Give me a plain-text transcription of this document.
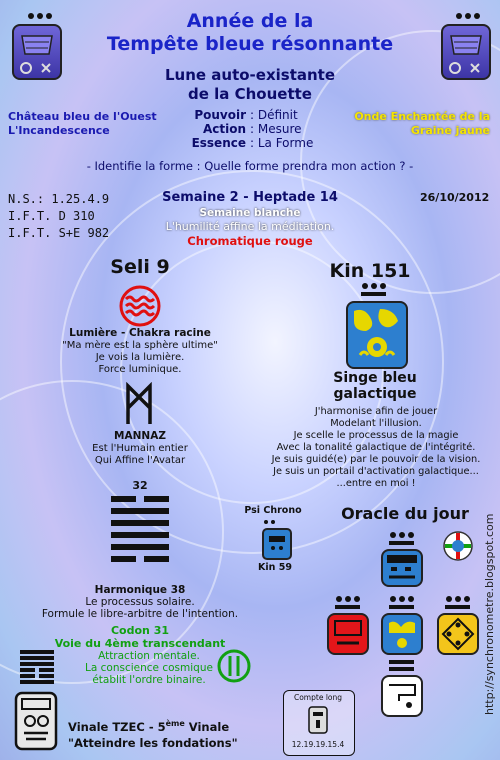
Année de la
Tempête bleue résonnante
Lune auto-existante
de la Chouette
Château bleu de l'Ouest
L'Incandescence
Pouvoir : Définit
Action : Mesure
Essence : La Forme
Onde Enchantée de la
Graine jaune
- Identifie la forme : Quelle forme prendra mon action ? -
N.S.: 1.25.4.9
I.F.T. D 310
I.F.T. S+E 982
Semaine 2 - Heptade 14
Semaine blanche
L'humilité affine la méditation.
Chromatique rouge
26/10/2012
Seli 9
Lumière - Chakra racine
"Ma mère est la sphère ultime"
Je vois la lumière.
Force luminique.
MANNAZ
Est l'Humain entier
Qui Affine l'Avatar
32
Harmonique 38
Le processus solaire.
Formule le libre-arbitre de l'intention.
Codon 31
Voie du 4ème transcendant
Attraction mentale.
La conscience cosmique
établit l'ordre binaire.
Vinale TZEC - 5ème Vinale
"Atteindre les fondations"
Kin 151
Singe bleu
galactique
J'harmonise afin de jouer
Modelant l'illusion.
Je scelle le processus de la magie
Avec la tonalité galactique de l'intégrité.
Je suis guidé(e) par le pouvoir de la vision.
Je suis un portail d'activation galactique...
...entre en moi !
Psi Chrono
Kin 59
Oracle du jour
Compte long
12.19.19.15.4
http://synchronometre.blogspot.com
